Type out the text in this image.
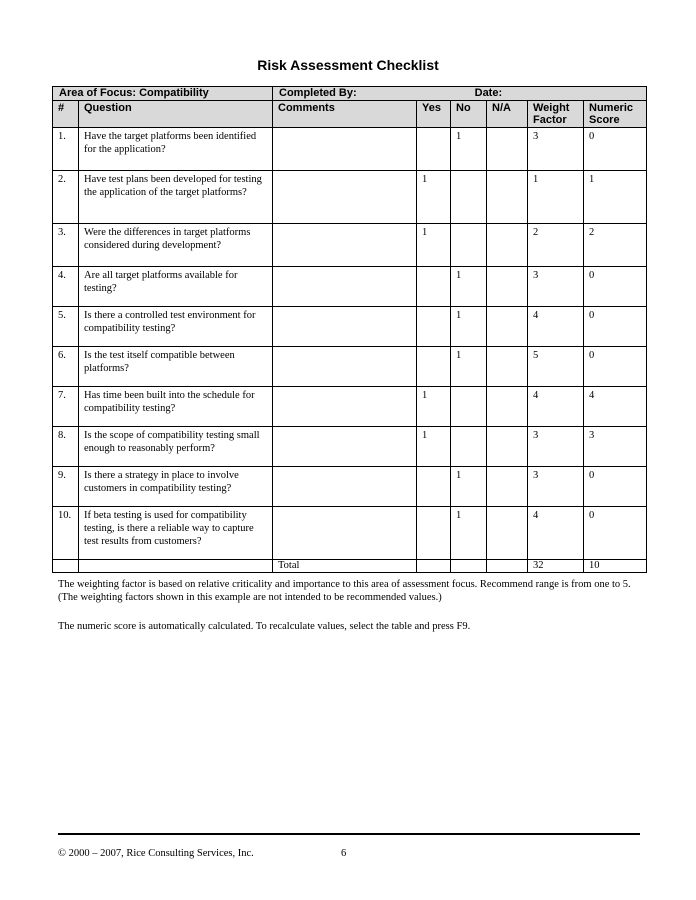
Risk Assessment Checklist
Area of Focus: Compatibility		Completed By: Date:					
#	Question	Comments	Yes	No	N/A	Weight Factor	Numeric Score
1.	Have the target platforms been identified for the application?			1		3	0
2.	Have test plans been developed for testing the application of the target platforms?		1			1	1
3.	Were the differences in target platforms considered during development?		1			2	2
4.	Are all target platforms available for testing?			1		3	0
5.	Is there a controlled test environment for compatibility testing?			1		4	0
6.	Is the test itself compatible between platforms?			1		5	0
7.	Has time been built into the schedule for compatibility testing?		1			4	4
8.	Is the scope of compatibility testing small enough to reasonably perform?		1			3	3
9.	Is there a strategy in place to involve customers in compatibility testing?			1		3	0
10.	If beta testing is used for compatibility testing, is there a reliable way to capture test results from customers?			1		4	0
		Total				32	10
The weighting factor is based on relative criticality and importance to this area of assessment focus. Recommend range is from one to 5. (The weighting factors shown in this example are not intended to be recommended values.)
The numeric score is automatically calculated. To recalculate values, select the table and press F9.
© 2000 – 2007, Rice Consulting Services, Inc.	6
